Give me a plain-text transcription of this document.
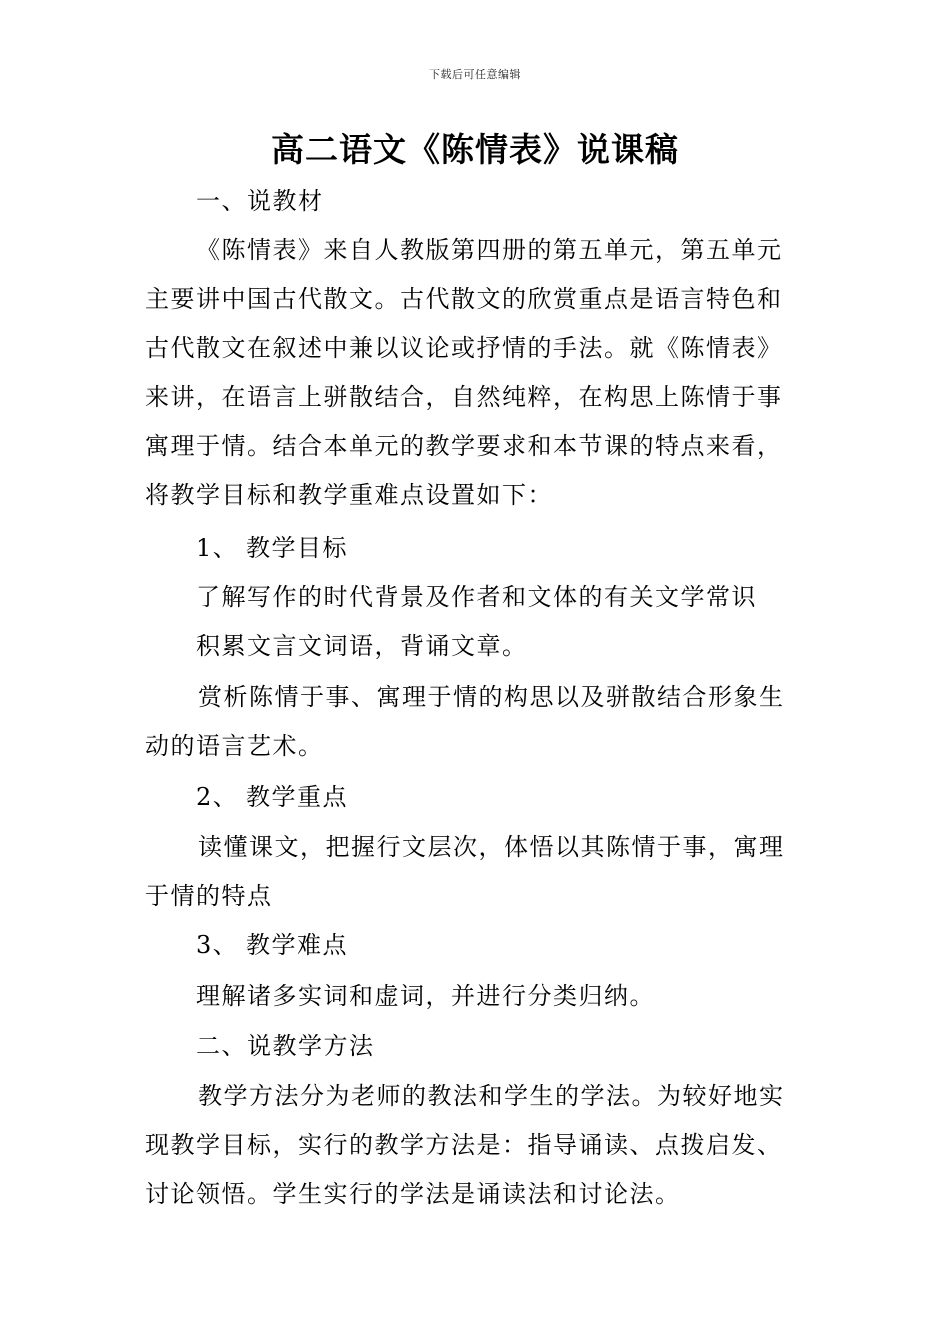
下载后可任意编辑
高二语文《陈情表》说课稿
一、说教材
《陈情表》来自人教版第四册的第五单元，第五单元
主要讲中国古代散文。古代散文的欣赏重点是语言特色和
古代散文在叙述中兼以议论或抒情的手法。就《陈情表》
来讲，在语言上骈散结合，自然纯粹，在构思上陈情于事
寓理于情。结合本单元的教学要求和本节课的特点来看，
将教学目标和教学重难点设置如下：
1、 教学目标
了解写作的时代背景及作者和文体的有关文学常识
积累文言文词语，背诵文章。
赏析陈情于事、寓理于情的构思以及骈散结合形象生
动的语言艺术。
2、 教学重点
读懂课文，把握行文层次，体悟以其陈情于事，寓理
于情的特点
3、 教学难点
理解诸多实词和虚词，并进行分类归纳。
二、说教学方法
教学方法分为老师的教法和学生的学法。为较好地实
现教学目标，实行的教学方法是：指导诵读、点拨启发、
讨论领悟。学生实行的学法是诵读法和讨论法。
